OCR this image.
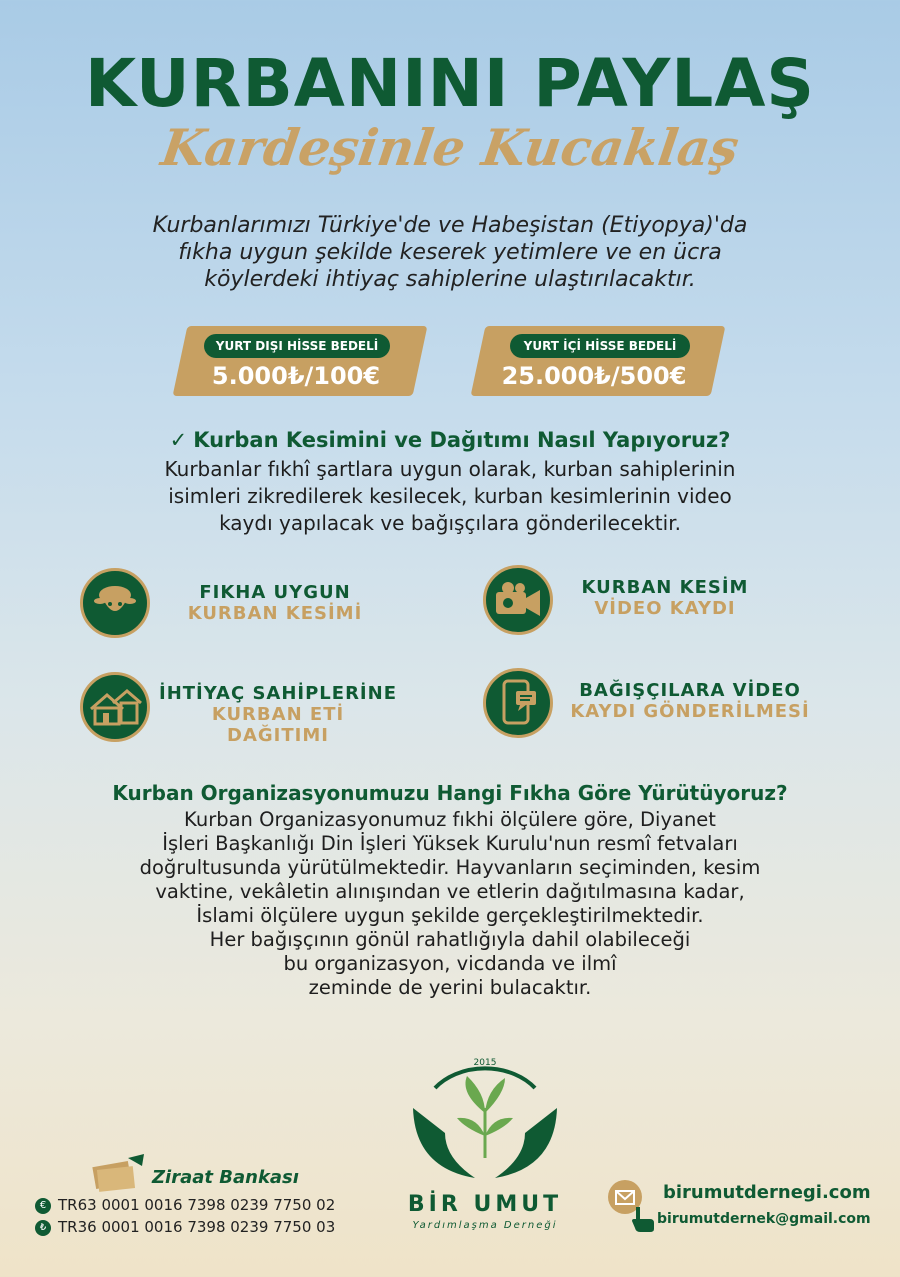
KURBANINI PAYLAŞ
Kardeşinle Kucaklaş
Kurbanlarımızı Türkiye'de ve Habeşistan (Etiyopya)'da
fıkha uygun şekilde keserek yetimlere ve en ücra
köylerdeki ihtiyaç sahiplerine ulaştırılacaktır.
YURT DIŞI HİSSE BEDELİ
5.000₺/100€
YURT İÇİ HİSSE BEDELİ
25.000₺/500€
✓ Kurban Kesimini ve Dağıtımı Nasıl Yapıyoruz?
Kurbanlar fıkhî şartlara uygun olarak, kurban sahiplerinin
isimleri zikredilerek kesilecek, kurban kesimlerinin video
kaydı yapılacak ve bağışçılara gönderilecektir.
FIKHA UYGUN
KURBAN KESİMİ
KURBAN KESİM
VİDEO KAYDI
İHTİYAÇ SAHİPLERİNE
KURBAN ETİ DAĞITIMI
BAĞIŞÇILARA VİDEO
KAYDI GÖNDERİLMESİ
Kurban Organizasyonumuzu Hangi Fıkha Göre Yürütüyoruz?
Kurban Organizasyonumuz fıkhi ölçülere göre, Diyanet
İşleri Başkanlığı Din İşleri Yüksek Kurulu'nun resmî fetvaları
doğrultusunda yürütülmektedir. Hayvanların seçiminden, kesim
vaktine, vekâletin alınışından ve etlerin dağıtılmasına kadar,
İslami ölçülere uygun şekilde gerçekleştirilmektedir.
Her bağışçının gönül rahatlığıyla dahil olabileceği
bu organizasyon, vicdanda ve ilmî
zeminde de yerini bulacaktır.
Ziraat Bankası
€ TR63 0001 0016 7398 0239 7750 02
₺ TR36 0001 0016 7398 0239 7750 03
2015
BİR UMUT
Yardımlaşma Derneği
birumutdernegi.com
birumutdernek@gmail.com
